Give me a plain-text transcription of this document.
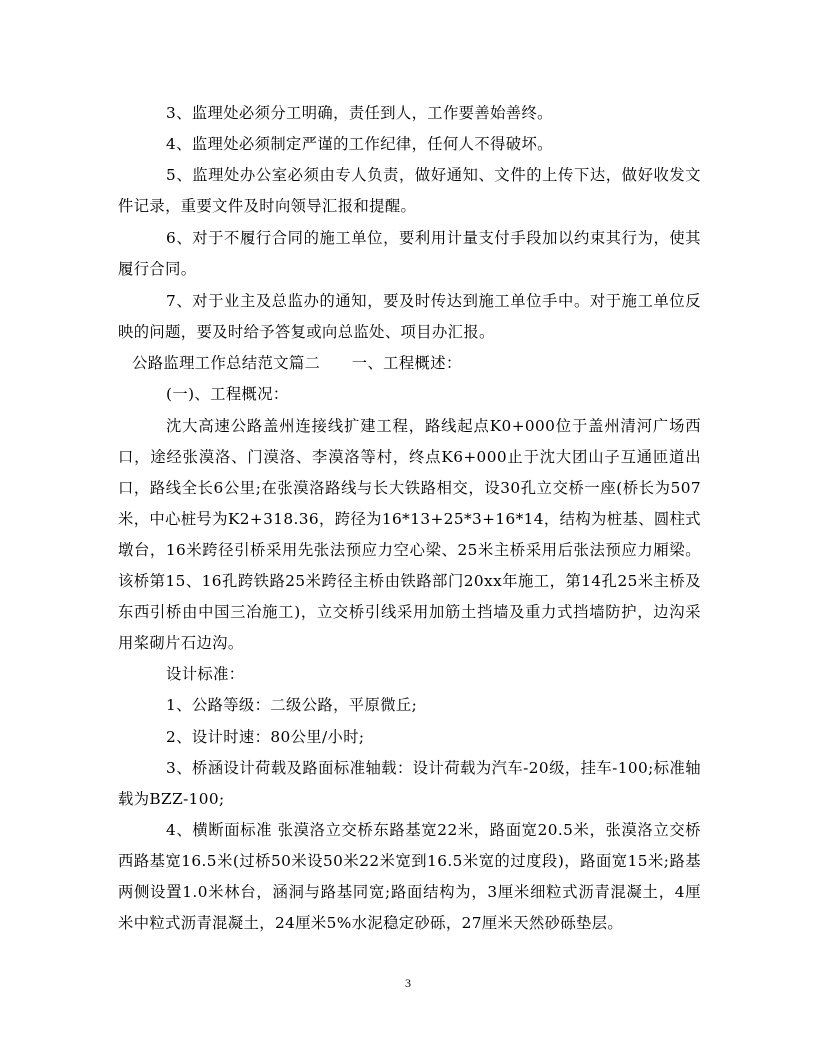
3、监理处必须分工明确，责任到人，工作要善始善终。

4、监理处必须制定严谨的工作纪律，任何人不得破坏。

5、监理处办公室必须由专人负责，做好通知、文件的上传下达，做好收发文件记录，重要文件及时向领导汇报和提醒。

6、对于不履行合同的施工单位，要利用计量支付手段加以约束其行为，使其履行合同。

7、对于业主及总监办的通知，要及时传达到施工单位手中。对于施工单位反映的问题，要及时给予答复或向总监处、项目办汇报。

公路监理工作总结范文篇二　　一、工程概述：

(一)、工程概况：

沈大高速公路盖州连接线扩建工程，路线起点K0+000位于盖州清河广场西口，途经张漠洛、门漠洛、李漠洛等村，终点K6+000止于沈大团山子互通匝道出口，路线全长6公里;在张漠洛路线与长大铁路相交，设30孔立交桥一座(桥长为507米，中心桩号为K2+318.36，跨径为16*13+25*3+16*14，结构为桩基、圆柱式墩台，16米跨径引桥采用先张法预应力空心梁、25米主桥采用后张法预应力厢梁。该桥第15、16孔跨铁路25米跨径主桥由铁路部门20xx年施工，第14孔25米主桥及东西引桥由中国三冶施工)，立交桥引线采用加筋土挡墙及重力式挡墙防护，边沟采用桨砌片石边沟。

设计标准：

1、公路等级：二级公路，平原微丘;

2、设计时速：80公里/小时;

3、桥涵设计荷载及路面标准轴载：设计荷载为汽车-20级，挂车-100;标准轴载为BZZ-100;

4、横断面标准 张漠洛立交桥东路基宽22米，路面宽20.5米，张漠洛立交桥西路基宽16.5米(过桥50米设50米22米宽到16.5米宽的过度段)，路面宽15米;路基两侧设置1.0米林台，涵洞与路基同宽;路面结构为，3厘米细粒式沥青混凝土，4厘米中粒式沥青混凝土，24厘米5%水泥稳定砂砾，27厘米天然砂砾垫层。

3
